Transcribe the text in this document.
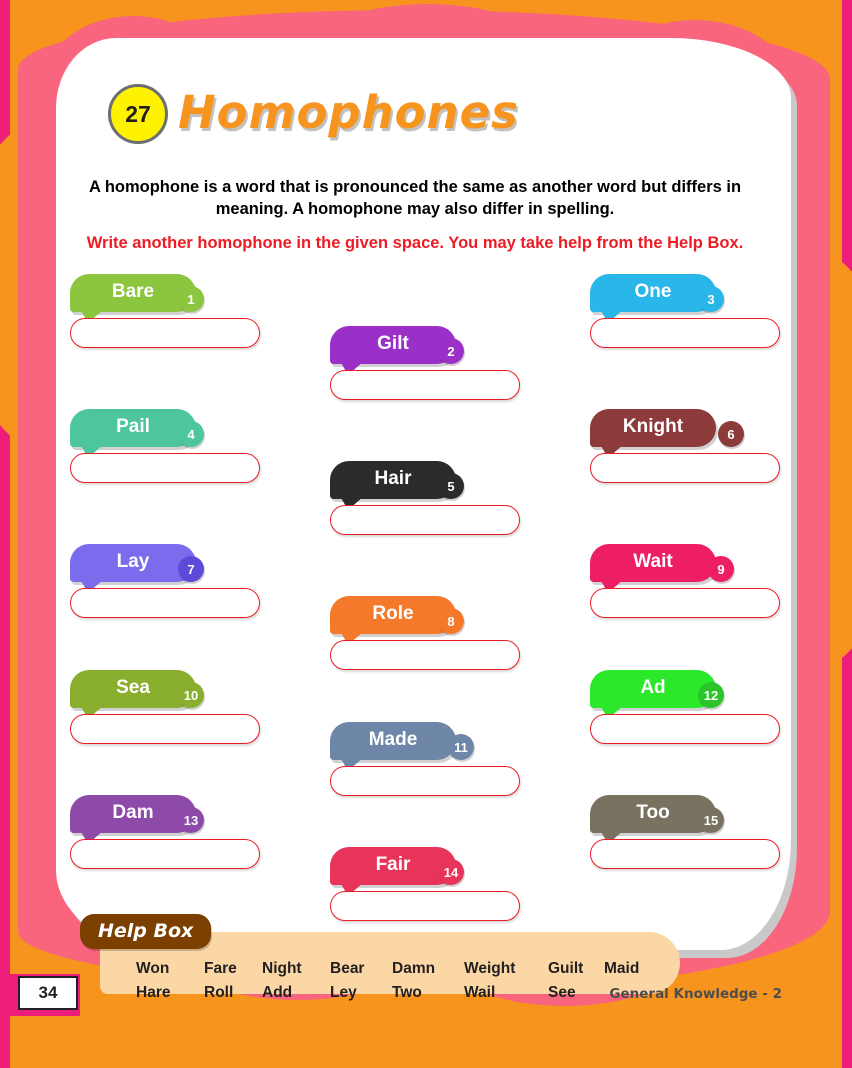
27 Homophones
A homophone is a word that is pronounced the same as another word but differs in meaning. A homophone may also differ in spelling.
Write another homophone in the given space. You may take help from the Help Box.
Bare	1
Gilt	2
One	3
Pail	4
Hair	5
Knight	6
Lay	7
Role	8
Wait	9
Sea	10
Made	11
Ad	12
Dam	13
Fair	14
Too	15
Won	Fare	Night	Bear	Damn	Weight	Guilt	Maid
Hare	Roll	Add	Ley	Two	Wail	See
Help Box
34	General Knowledge - 2
